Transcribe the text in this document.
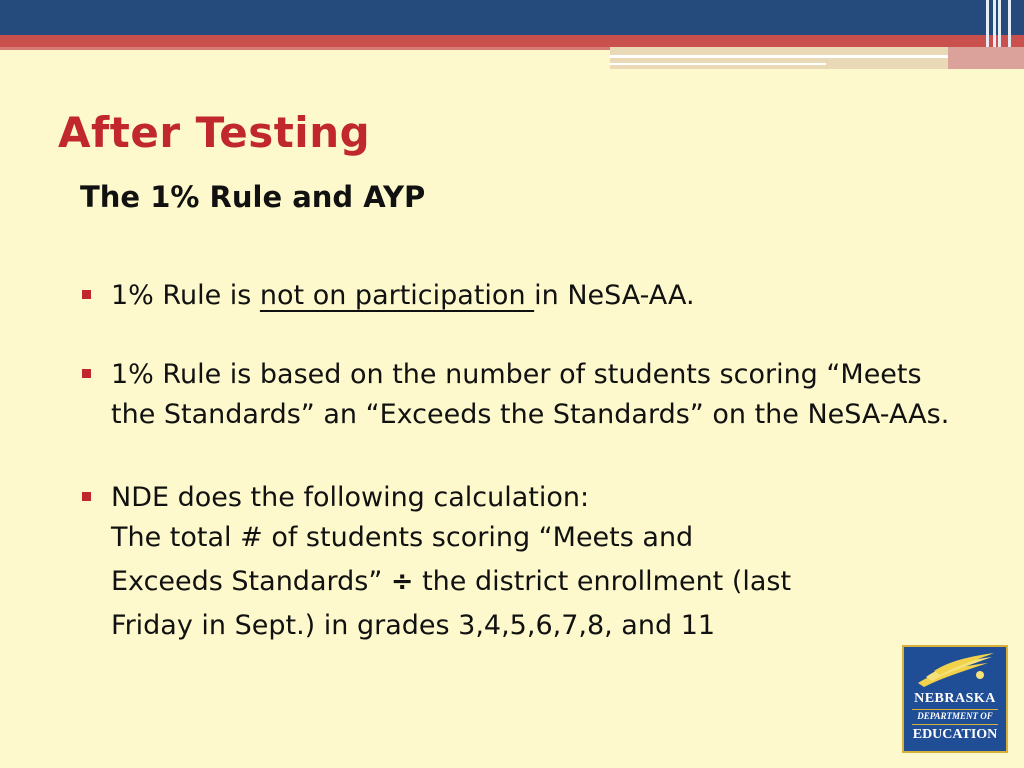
After Testing
The 1% Rule and AYP
1% Rule is not on participation in NeSA-AA.
1% Rule is based on the number of students scoring “Meets the Standards” an “Exceeds the Standards” on the NeSA-AAs.
NDE does the following calculation:
The total # of students scoring “Meets and
Exceeds Standards” ÷ the district enrollment (last
Friday in Sept.) in grades 3,4,5,6,7,8, and 11
NEBRASKA
DEPARTMENT OF
EDUCATION
